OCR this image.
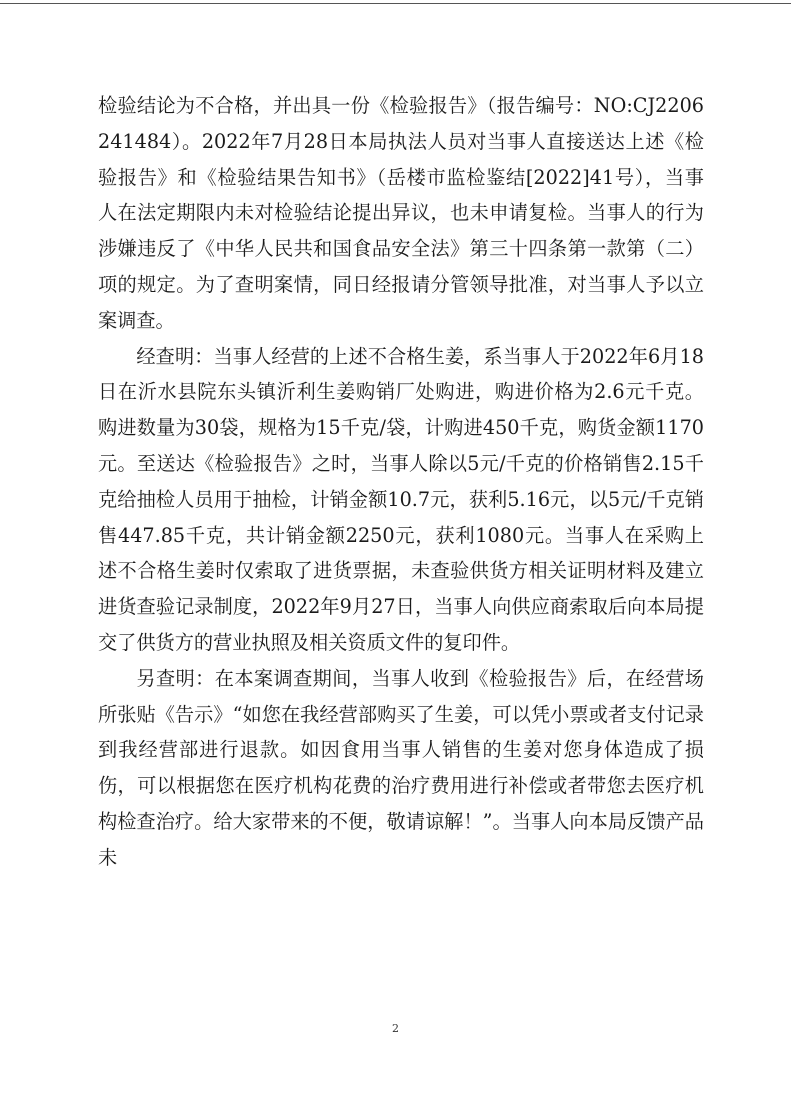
检验结论为不合格，并出具一份《检验报告》（报告编号：NO:CJ2206241484）。2022年7月28日本局执法人员对当事人直接送达上述《检验报告》和《检验结果告知书》（岳楼市监检鉴结[2022]41号），当事人在法定期限内未对检验结论提出异议，也未申请复检。当事人的行为涉嫌违反了《中华人民共和国食品安全法》第三十四条第一款第（二）项的规定。为了查明案情，同日经报请分管领导批准，对当事人予以立案调查。

经查明：当事人经营的上述不合格生姜，系当事人于2022年6月18日在沂水县院东头镇沂利生姜购销厂处购进，购进价格为2.6元千克。购进数量为30袋，规格为15千克/袋，计购进450千克，购货金额1170元。至送达《检验报告》之时，当事人除以5元/千克的价格销售2.15千克给抽检人员用于抽检，计销金额10.7元，获利5.16元，以5元/千克销售447.85千克，共计销金额2250元，获利1080元。当事人在采购上述不合格生姜时仅索取了进货票据，未查验供货方相关证明材料及建立进货查验记录制度，2022年9月27日，当事人向供应商索取后向本局提交了供货方的营业执照及相关资质文件的复印件。

另查明：在本案调查期间，当事人收到《检验报告》后，在经营场所张贴《告示》“如您在我经营部购买了生姜，可以凭小票或者支付记录到我经营部进行退款。如因食用当事人销售的生姜对您身体造成了损伤，可以根据您在医疗机构花费的治疗费用进行补偿或者带您去医疗机构检查治疗。给大家带来的不便，敬请谅解！”。当事人向本局反馈产品未

2
